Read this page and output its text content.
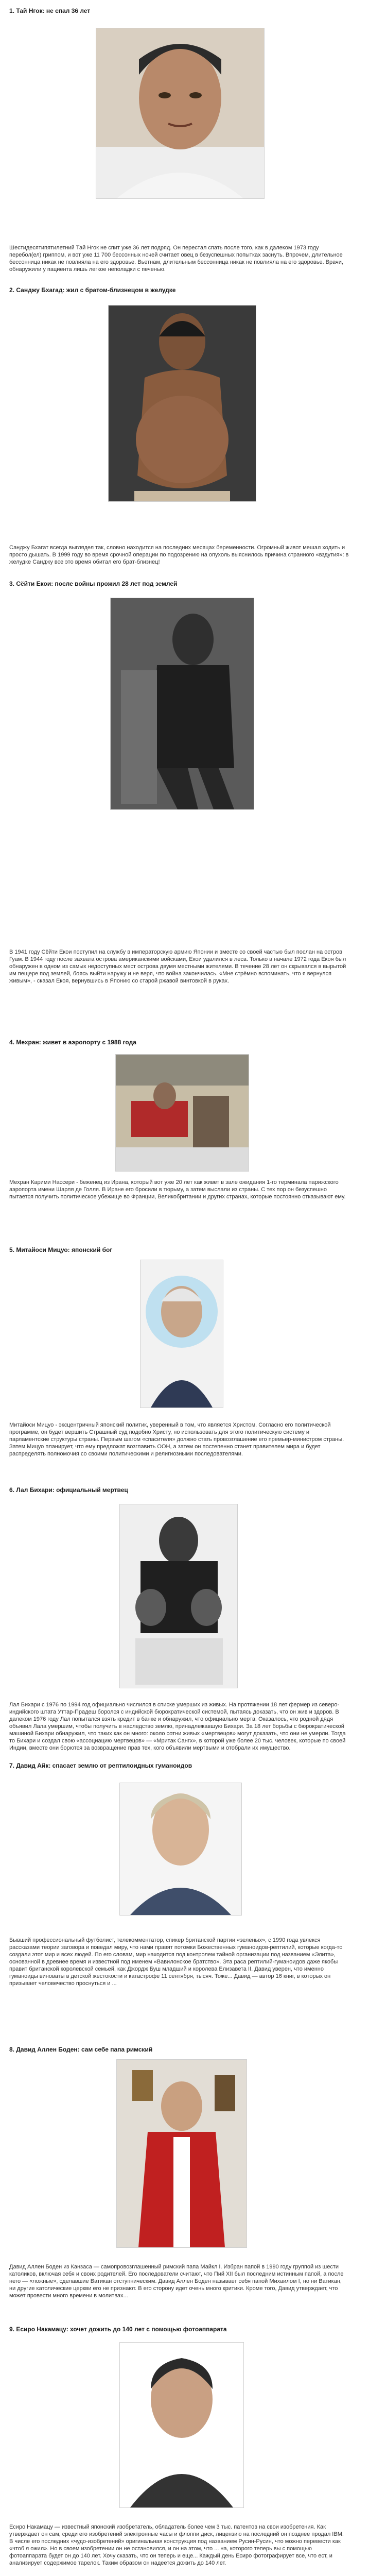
1. Тай Нгок: не спал 36 лет
Шестидесятипятилетний Тай Нгок не спит уже 36 лет подряд. Он перестал спать после того, как в далеком 1973 году перебол(ел) гриппом, и вот уже 11 700 бессонных ночей считает овец в безуспешных попытках заснуть. Впрочем, длительное бессонница никак не повлияла на его здоровье. Вьетнам, длительным бессонница никак не повлияла на его здоровье. Врачи, обнаружили у пациента лишь легкое неполадки с печенью.
2. Санджу Бхагад: жил с братом-близнецом в желудке
Санджу Бхагат всегда выглядел так, словно находится на последних месяцах беременности. Огромный живот мешал ходить и просто дышать. В 1999 году во время срочной операции по подозрению на опухоль выяснилось причина странного «вздутия»: в желудке Санджу все это время обитал его брат-близнец!
3. Сёйти Екои: после войны прожил 28 лет под землей
В 1941 году Сёйти Екои поступил на службу в императорскую армию Японии и вместе со своей частью был послан на остров Гуам. В 1944 году после захвата острова американскими войсками, Екои удалился в леса. Только в начале 1972 года Екоя был обнаружен в одном из самых недоступных мест острова двумя местными жителями. В течение 28 лет он скрывался в вырытой им пещере под землей, боясь выйти наружу и не веря, что война закончилась. «Мне стрёмно вспоминать, что я вернулся живым», - сказал Екоя, вернувшись в Японию со старой ржавой винтовкой в руках.
4. Мехран: живет в аэропорту с 1988 года
Мехран Карими Нассери - беженец из Ирана, который вот уже 20 лет как живет в зале ожидания 1-го терминала парижского аэропорта имени Шарля де Голля. В Иране его бросили в тюрьму, а затем выслали из страны. С тех пор он безуспешно пытается получить политическое убежище во Франции, Великобритании и других странах, которые постоянно отказывают ему.
5. Митайоси Мицуо: японский бог
Митайоси Мицуо - эксцентричный японский политик, уверенный в том, что является Христом. Согласно его политической программе, он будет вершить Страшный суд подобно Христу, но использовать для этого политическую систему и парламентские структуры страны. Первым шагом «спасителя» должно стать провозглашение его премьер-министром страны. Затем Мицуо планирует, что ему предложат возглавить ООН, а затем он постепенно станет правителем мира и будет распределять полномочия со своими политическими и религиозными последователями.
6. Лал Бихари: официальный мертвец
Лал Бихари с 1976 по 1994 год официально числился в списке умерших из живых. На протяжении 18 лет фермер из северо-индийского штата Уттар-Прадеш боролся с индийской бюрократической системой, пытаясь доказать, что он жив и здоров. В далеком 1976 году Лал попытался взять кредит в банке и обнаружил, что официально мертв. Оказалось, что родной дядя объявил Лала умершим, чтобы получить в наследство землю, принадлежавшую Бихари. За 18 лет борьбы с бюрократической машиной Бихари обнаружил, что таких как он много: около сотни живых «мертвецов» могут доказать, что они не умерли. Тогда то Бихари и создал свою «ассоциацию мертвецов» — «Мритак Сангх», в которой уже более 20 тыс. человек, которые по своей Индии, вместе они борются за возвращение прав тех, кого объявили мертвыми и отобрали их имущество.
7. Давид Айк: спасает землю от рептилоидных гуманоидов
Бывший профессиональный футболист, телекомментатор, спикер британской партии «зеленых», с 1990 года увлекся рассказами теории заговора и поведал миру, что нами правят потомки Божественных гуманоидов-рептилий, которые когда-то создали этот мир и всех людей. По его словам, мир находится под контролем тайной организации под названием «Элита», основанной в древнее время и известной под именем «Вавилонское братство». Эта раса рептилий-гуманоидов даже якобы правит британской королевской семьей, как Джордж Буш младший и королева Елизавета II. Давид уверен, что именно гуманоиды виноваты в детской жестокости и катастрофе 11 сентября, тысяч. Тоже... Давид — автор 16 книг, в которых он призывает человечество проснуться и ...
8. Давид Аллен Боден: сам себе папа римский
Давид Аллен Боден из Канзаса — самопровозглашенный римский папа Майкл I. Избран папой в 1990 году группой из шести католиков, включая себя и своих родителей. Его последователи считают, что Пий XII был последним истинным папой, а после него — «ложные», сделавшие Ватикан отступническим. Давид Аллен Боден называет себя папой Михаилом I, но ни Ватикан, ни другие католические церкви его не признают. В его сторону идет очень много критики. Кроме того, Давид утверждает, что может провести много времени в молитвах...
9. Есиро Накамацу: хочет дожить до 140 лет с помощью фотоаппарата
Есиро Накамацу — известный японский изобретатель, обладатель более чем 3 тыс. патентов на свои изобретения. Как утверждает он сам, среди его изобретений электронные часы и флоппи диск, лицензию на последний он позднее продал IBM. В числе его последних «чудо-изобретений» оригинальная конструкция под названием Русин-Русин, что можно перевести как «чтоб я ожил». Но в своем изобретении он не остановился, и он на этом, что ... на, которого теперь вы с помощью фотоаппарата будет он до 140 лет. Хочу сказать, что он теперь и еще... Каждый день Есиро фотографирует все, что ест, и анализирует содержимое тарелок. Таким образом он надеется дожить до 140 лет.
